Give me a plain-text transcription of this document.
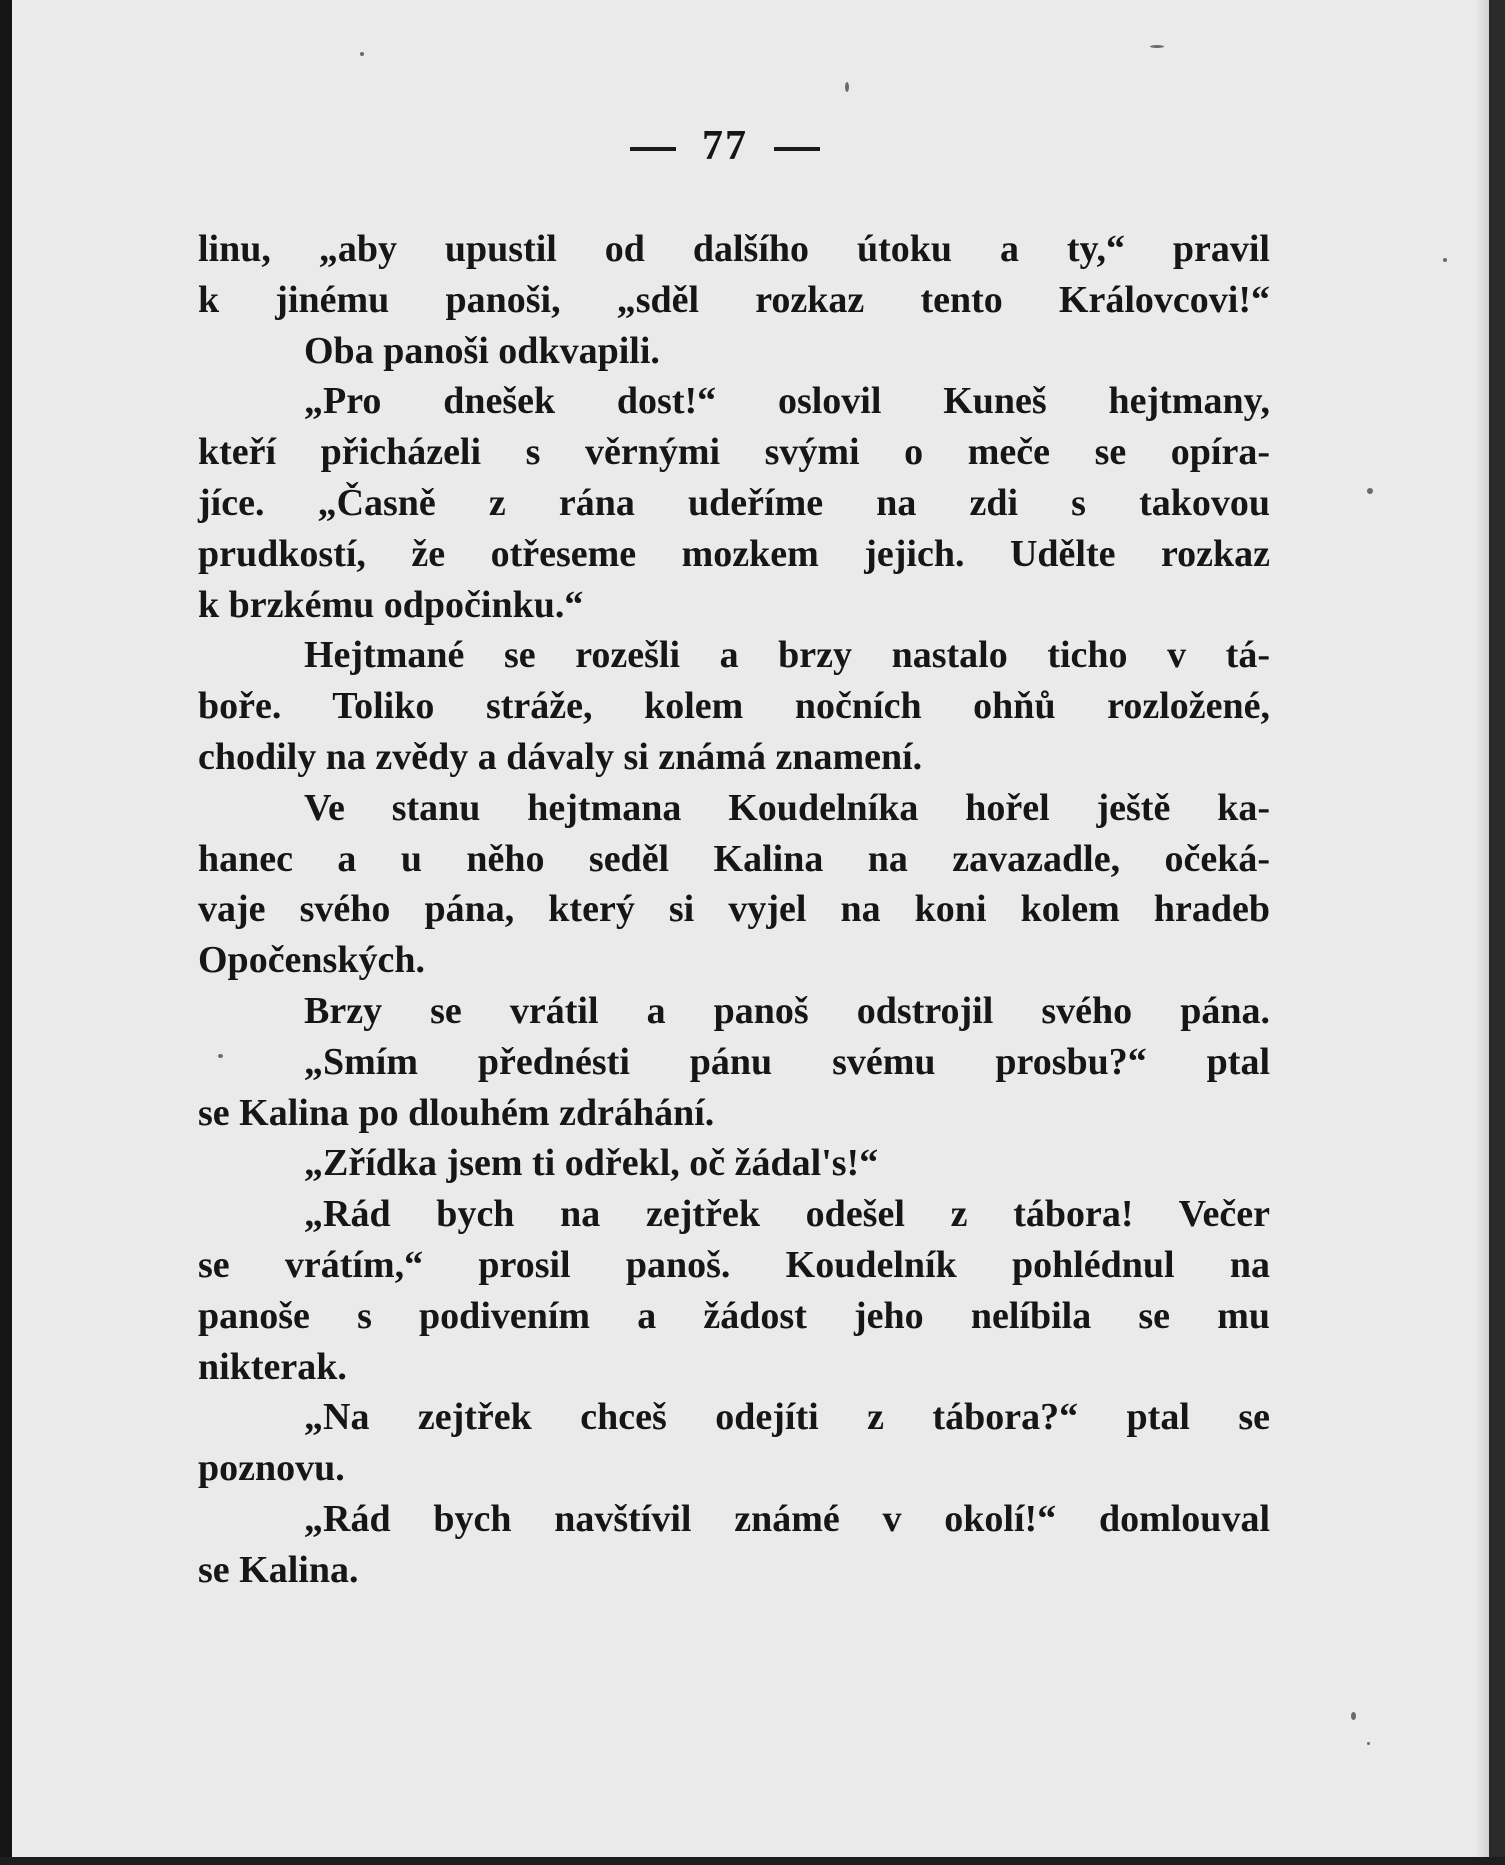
77
linu, „aby upustil od dalšího útoku a ty,“ pravil
k jinému panoši, „sděl rozkaz tento Královcovi!“
Oba panoši odkvapili.
„Pro dnešek dost!“ oslovil Kuneš hejtmany,
kteří přicházeli s věrnými svými o meče se opíra-
jíce. „Časně z rána udeříme na zdi s takovou
prudkostí, že otřeseme mozkem jejich. Udělte rozkaz
k brzkému odpočinku.“
Hejtmané se rozešli a brzy nastalo ticho v tá-
boře. Toliko stráže, kolem nočních ohňů rozložené,
chodily na zvědy a dávaly si známá znamení.
Ve stanu hejtmana Koudelníka hořel ještě ka-
hanec a u něho seděl Kalina na zavazadle, očeká-
vaje svého pána, který si vyjel na koni kolem hradeb
Opočenských.
Brzy se vrátil a panoš odstrojil svého pána.
„Smím přednésti pánu svému prosbu?“ ptal
se Kalina po dlouhém zdráhání.
„Zřídka jsem ti odřekl, oč žádal's!“
„Rád bych na zejtřek odešel z tábora! Večer
se vrátím,“ prosil panoš. Koudelník pohlédnul na
panoše s podivením a žádost jeho nelíbila se mu
nikterak.
„Na zejtřek chceš odejíti z tábora?“ ptal se
poznovu.
„Rád bych navštívil známé v okolí!“ domlouval
se Kalina.
